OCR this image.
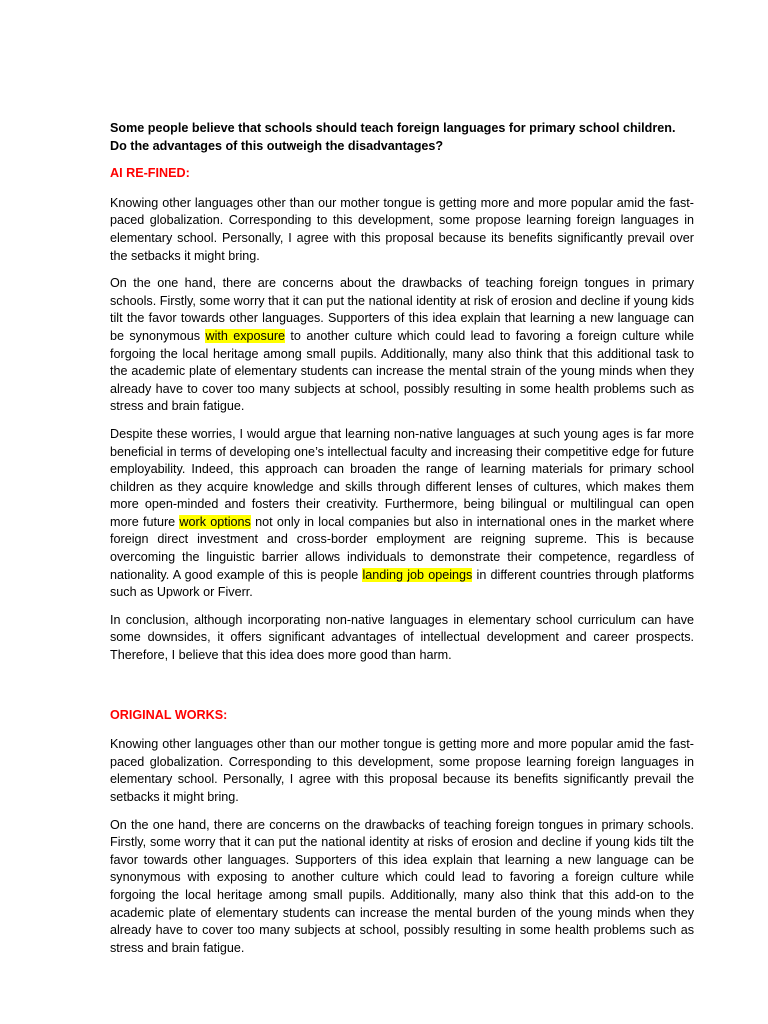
Some people believe that schools should teach foreign languages for primary school children. Do the advantages of this outweigh the disadvantages?

AI RE-FINED:

Knowing other languages other than our mother tongue is getting more and more popular amid the fast-paced globalization. Corresponding to this development, some propose learning foreign languages in elementary school. Personally, I agree with this proposal because its benefits significantly prevail over the setbacks it might bring.

On the one hand, there are concerns about the drawbacks of teaching foreign tongues in primary schools. Firstly, some worry that it can put the national identity at risk of erosion and decline if young kids tilt the favor towards other languages. Supporters of this idea explain that learning a new language can be synonymous with exposure to another culture which could lead to favoring a foreign culture while forgoing the local heritage among small pupils. Additionally, many also think that this additional task to the academic plate of elementary students can increase the mental strain of the young minds when they already have to cover too many subjects at school, possibly resulting in some health problems such as stress and brain fatigue.

Despite these worries, I would argue that learning non-native languages at such young ages is far more beneficial in terms of developing one’s intellectual faculty and increasing their competitive edge for future employability. Indeed, this approach can broaden the range of learning materials for primary school children as they acquire knowledge and skills through different lenses of cultures, which makes them more open-minded and fosters their creativity. Furthermore, being bilingual or multilingual can open more future work options not only in local companies but also in international ones in the market where foreign direct investment and cross-border employment are reigning supreme. This is because overcoming the linguistic barrier allows individuals to demonstrate their competence, regardless of nationality. A good example of this is people landing job opeings in different countries through platforms such as Upwork or Fiverr.

In conclusion, although incorporating non-native languages in elementary school curriculum can have some downsides, it offers significant advantages of intellectual development and career prospects. Therefore, I believe that this idea does more good than harm.

ORIGINAL WORKS:

Knowing other languages other than our mother tongue is getting more and more popular amid the fast-paced globalization. Corresponding to this development, some propose learning foreign languages in elementary school. Personally, I agree with this proposal because its benefits significantly prevail the setbacks it might bring.

On the one hand, there are concerns on the drawbacks of teaching foreign tongues in primary schools. Firstly, some worry that it can put the national identity at risks of erosion and decline if young kids tilt the favor towards other languages. Supporters of this idea explain that learning a new language can be synonymous with exposing to another culture which could lead to favoring a foreign culture while forgoing the local heritage among small pupils. Additionally, many also think that this add-on to the academic plate of elementary students can increase the mental burden of the young minds when they already have to cover too many subjects at school, possibly resulting in some health problems such as stress and brain fatigue.
